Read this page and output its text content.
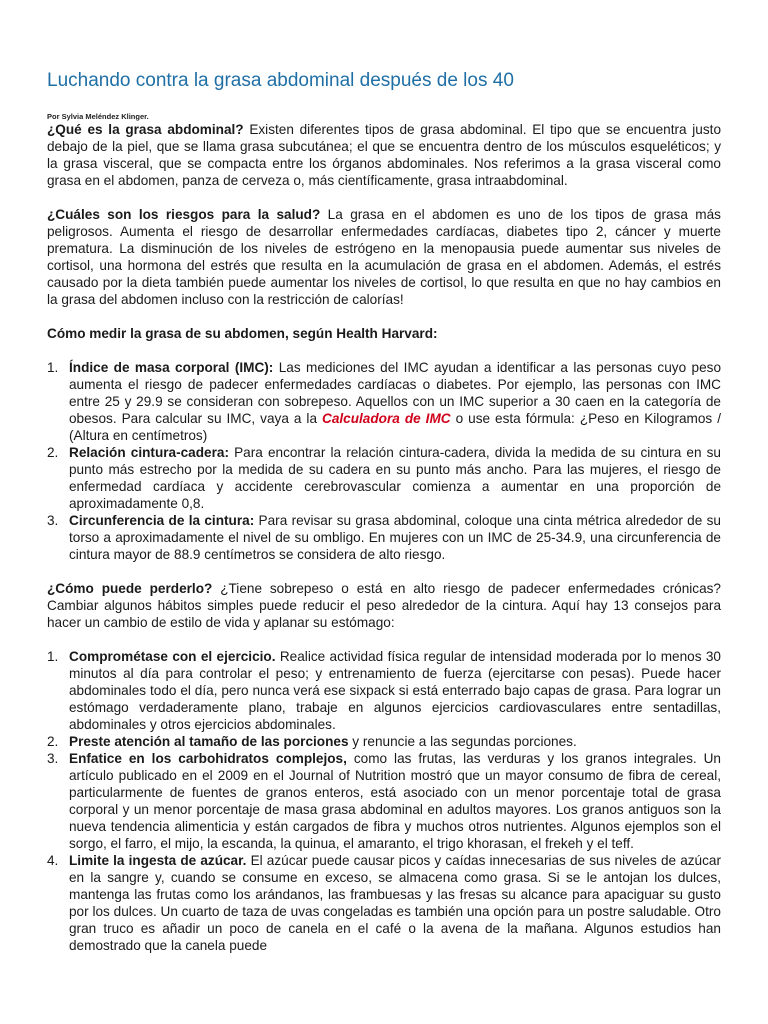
Luchando contra la grasa abdominal después de los 40
Por Sylvia Meléndez Klinger.

¿Qué es la grasa abdominal? Existen diferentes tipos de grasa abdominal. El tipo que se encuentra justo debajo de la piel, que se llama grasa subcutánea; el que se encuentra dentro de los músculos esqueléticos; y la grasa visceral, que se compacta entre los órganos abdominales. Nos referimos a la grasa visceral como grasa en el abdomen, panza de cerveza o, más científicamente, grasa intraabdominal.

¿Cuáles son los riesgos para la salud? La grasa en el abdomen es uno de los tipos de grasa más peligrosos. Aumenta el riesgo de desarrollar enfermedades cardíacas, diabetes tipo 2, cáncer y muerte prematura. La disminución de los niveles de estrógeno en la menopausia puede aumentar sus niveles de cortisol, una hormona del estrés que resulta en la acumulación de grasa en el abdomen. Además, el estrés causado por la dieta también puede aumentar los niveles de cortisol, lo que resulta en que no hay cambios en la grasa del abdomen incluso con la restricción de calorías!

Cómo medir la grasa de su abdomen, según Health Harvard:

1. Índice de masa corporal (IMC): Las mediciones del IMC ayudan a identificar a las personas cuyo peso aumenta el riesgo de padecer enfermedades cardíacas o diabetes. Por ejemplo, las personas con IMC entre 25 y 29.9 se consideran con sobrepeso. Aquellos con un IMC superior a 30 caen en la categoría de obesos. Para calcular su IMC, vaya a la Calculadora de IMC o use esta fórmula: ¿Peso en Kilogramos / (Altura en centímetros)
2. Relación cintura-cadera: Para encontrar la relación cintura-cadera, divida la medida de su cintura en su punto más estrecho por la medida de su cadera en su punto más ancho. Para las mujeres, el riesgo de enfermedad cardíaca y accidente cerebrovascular comienza a aumentar en una proporción de aproximadamente 0,8.
3. Circunferencia de la cintura: Para revisar su grasa abdominal, coloque una cinta métrica alrededor de su torso a aproximadamente el nivel de su ombligo. En mujeres con un IMC de 25-34.9, una circunferencia de cintura mayor de 88.9 centímetros se considera de alto riesgo.

¿Cómo puede perderlo? ¿Tiene sobrepeso o está en alto riesgo de padecer enfermedades crónicas? Cambiar algunos hábitos simples puede reducir el peso alrededor de la cintura. Aquí hay 13 consejos para hacer un cambio de estilo de vida y aplanar su estómago:

1. Comprométase con el ejercicio. Realice actividad física regular de intensidad moderada por lo menos 30 minutos al día para controlar el peso; y entrenamiento de fuerza (ejercitarse con pesas). Puede hacer abdominales todo el día, pero nunca verá ese sixpack si está enterrado bajo capas de grasa. Para lograr un estómago verdaderamente plano, trabaje en algunos ejercicios cardiovasculares entre sentadillas, abdominales y otros ejercicios abdominales.
2. Preste atención al tamaño de las porciones y renuncie a las segundas porciones.
3. Enfatice en los carbohidratos complejos, como las frutas, las verduras y los granos integrales. Un artículo publicado en el 2009 en el Journal of Nutrition mostró que un mayor consumo de fibra de cereal, particularmente de fuentes de granos enteros, está asociado con un menor porcentaje total de grasa corporal y un menor porcentaje de masa grasa abdominal en adultos mayores. Los granos antiguos son la nueva tendencia alimenticia y están cargados de fibra y muchos otros nutrientes. Algunos ejemplos son el sorgo, el farro, el mijo, la escanda, la quinua, el amaranto, el trigo khorasan, el frekeh y el teff.
4. Limite la ingesta de azúcar. El azúcar puede causar picos y caídas innecesarias de sus niveles de azúcar en la sangre y, cuando se consume en exceso, se almacena como grasa. Si se le antojan los dulces, mantenga las frutas como los arándanos, las frambuesas y las fresas su alcance para apaciguar su gusto por los dulces. Un cuarto de taza de uvas congeladas es también una opción para un postre saludable. Otro gran truco es añadir un poco de canela en el café o la avena de la mañana. Algunos estudios han demostrado que la canela puede
